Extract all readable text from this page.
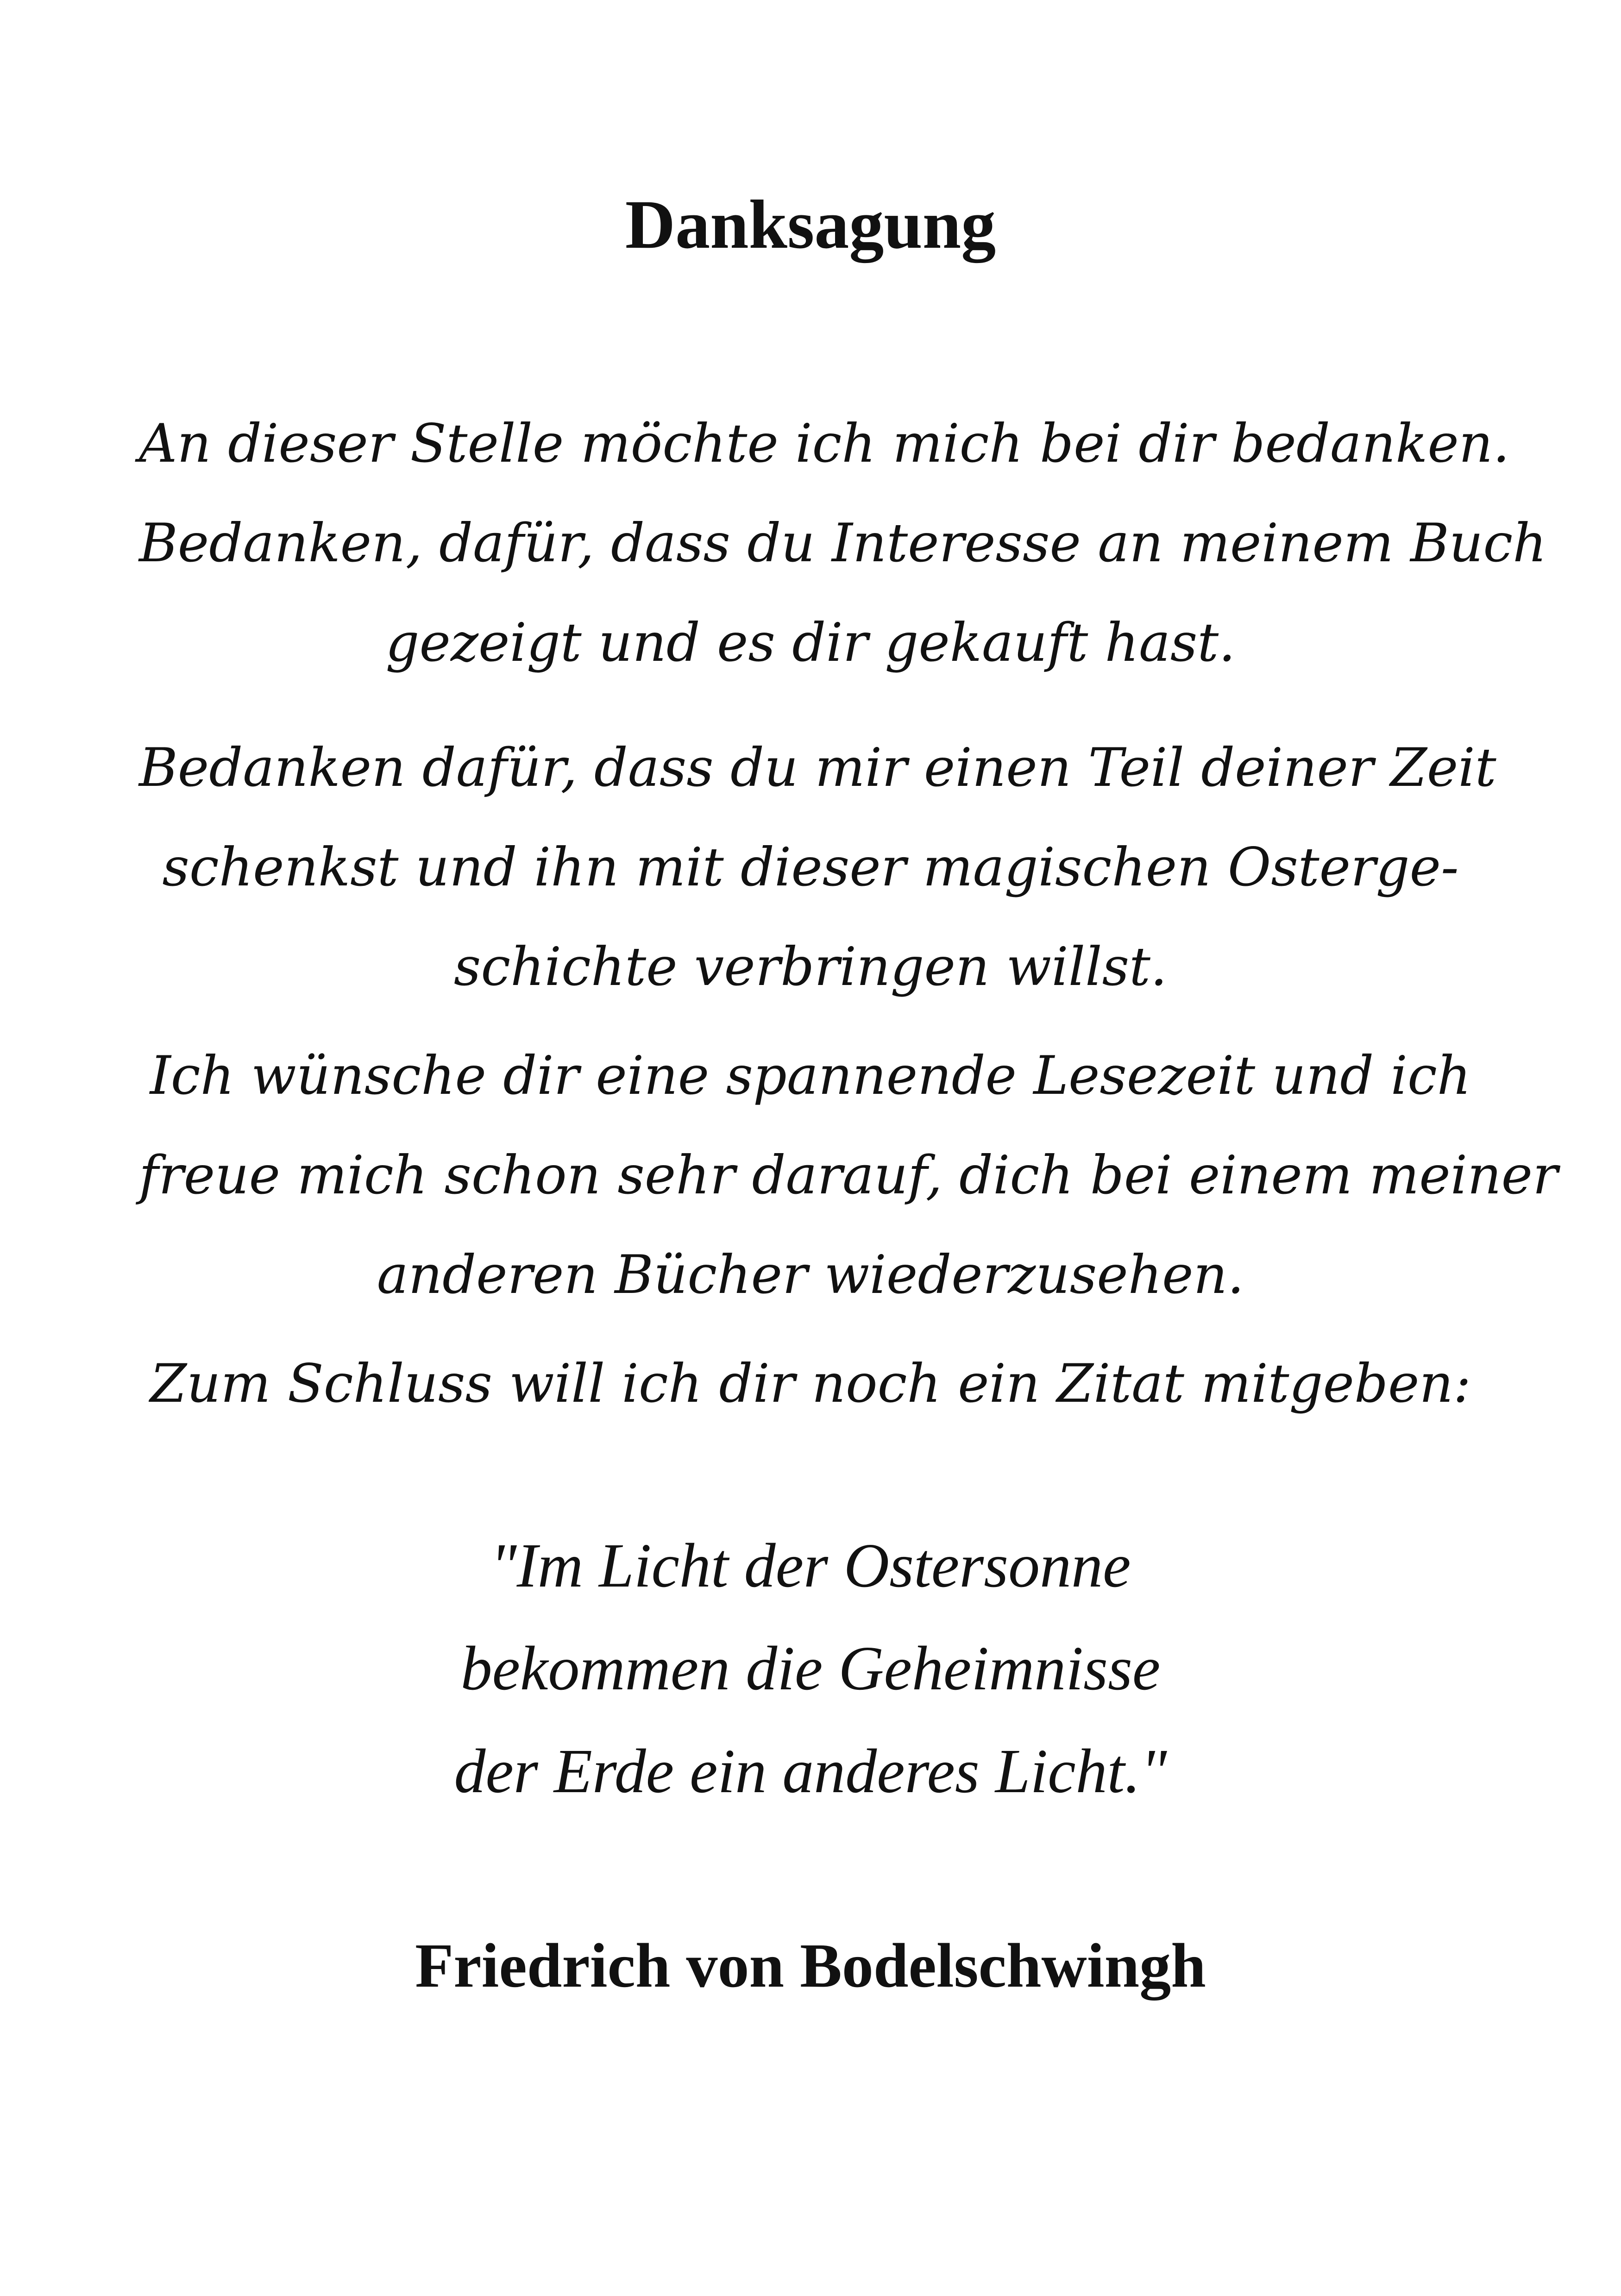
Danksagung

An dieser Stelle möchte ich mich bei dir bedanken.
Bedanken, dafür, dass du Interesse an meinem Buch
gezeigt und es dir gekauft hast.

Bedanken dafür, dass du mir einen Teil deiner Zeit
schenkst und ihn mit dieser magischen Osterge-
schichte verbringen willst.

Ich wünsche dir eine spannende Lesezeit und ich
freue mich schon sehr darauf, dich bei einem meiner
anderen Bücher wiederzusehen.

Zum Schluss will ich dir noch ein Zitat mitgeben:

"Im Licht der Ostersonne
bekommen die Geheimnisse
der Erde ein anderes Licht."

Friedrich von Bodelschwingh
